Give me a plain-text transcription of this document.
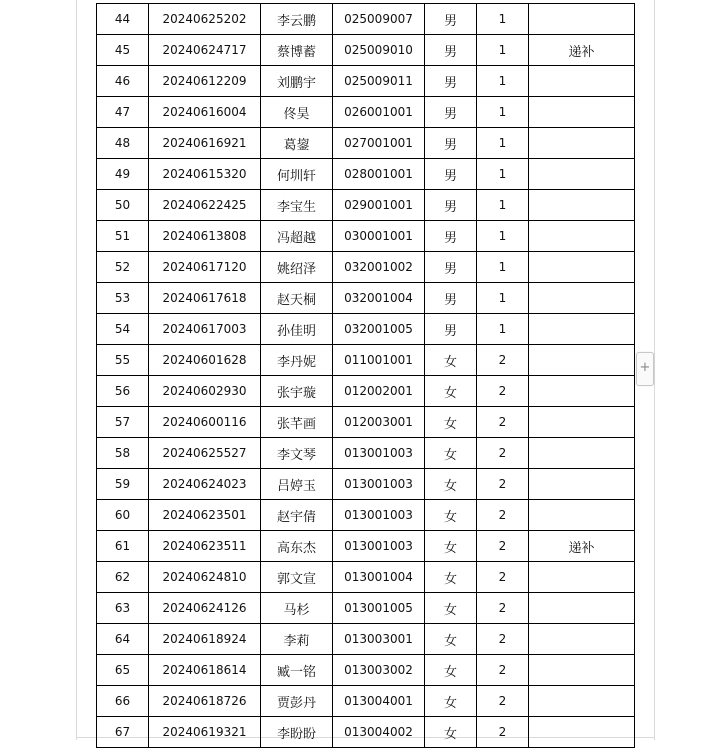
44	20240625202	李云鹏	025009007	男	1	
45	20240624717	蔡博蓄	025009010	男	1	递补
46	20240612209	刘鹏宇	025009011	男	1	
47	20240616004	佟昊	026001001	男	1	
48	20240616921	葛鋆	027001001	男	1	
49	20240615320	何圳轩	028001001	男	1	
50	20240622425	李宝生	029001001	男	1	
51	20240613808	冯超越	030001001	男	1	
52	20240617120	姚绍泽	032001002	男	1	
53	20240617618	赵天桐	032001004	男	1	
54	20240617003	孙佳明	032001005	男	1	
55	20240601628	李丹妮	011001001	女	2	
56	20240602930	张宇璇	012002001	女	2	
57	20240600116	张芊画	012003001	女	2	
58	20240625527	李文琴	013001003	女	2	
59	20240624023	吕婷玉	013001003	女	2	
60	20240623501	赵宇倩	013001003	女	2	
61	20240623511	高东杰	013001003	女	2	递补
62	20240624810	郭文宣	013001004	女	2	
63	20240624126	马杉	013001005	女	2	
64	20240618924	李莉	013003001	女	2	
65	20240618614	臧一铭	013003002	女	2	
66	20240618726	贾彭丹	013004001	女	2	
67	20240619321	李盼盼	013004002	女	2	
+
